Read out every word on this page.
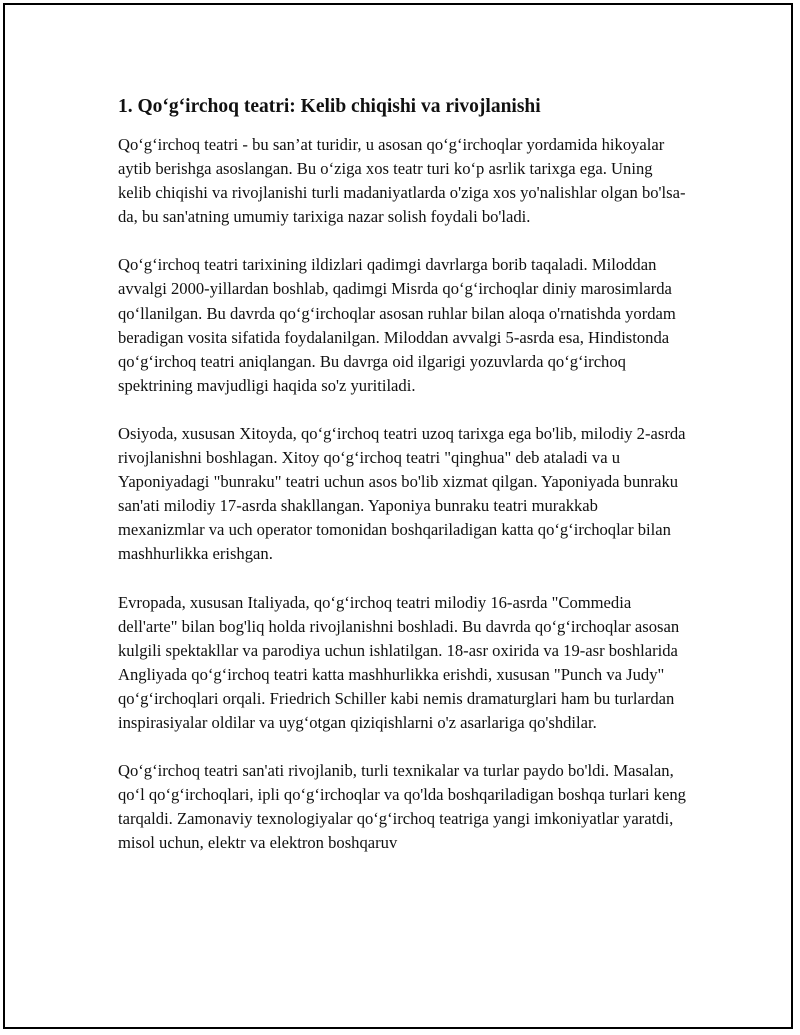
1. Qo‘g‘irchoq teatri: Kelib chiqishi va rivojlanishi

Qo‘g‘irchoq teatri - bu san’at turidir, u asosan qo‘g‘irchoqlar yordamida hikoyalar aytib berishga asoslangan. Bu o‘ziga xos teatr turi ko‘p asrlik tarixga ega. Uning kelib chiqishi va rivojlanishi turli madaniyatlarda o'ziga xos yo'nalishlar olgan bo'lsa-da, bu san'atning umumiy tarixiga nazar solish foydali bo'ladi.

Qo‘g‘irchoq teatri tarixining ildizlari qadimgi davrlarga borib taqaladi. Miloddan avvalgi 2000-yillardan boshlab, qadimgi Misrda qo‘g‘irchoqlar diniy marosimlarda qo‘llanilgan. Bu davrda qo‘g‘irchoqlar asosan ruhlar bilan aloqa o'rnatishda yordam beradigan vosita sifatida foydalanilgan. Miloddan avvalgi 5-asrda esa, Hindistonda qo‘g‘irchoq teatri aniqlangan. Bu davrga oid ilgarigi yozuvlarda qo‘g‘irchoq spektrining mavjudligi haqida so'z yuritiladi.

Osiyoda, xususan Xitoyda, qo‘g‘irchoq teatri uzoq tarixga ega bo'lib, milodiy 2-asrda rivojlanishni boshlagan. Xitoy qo‘g‘irchoq teatri "qinghua" deb ataladi va u Yaponiyadagi "bunraku" teatri uchun asos bo'lib xizmat qilgan. Yaponiyada bunraku san'ati milodiy 17-asrda shakllangan. Yaponiya bunraku teatri murakkab mexanizmlar va uch operator tomonidan boshqariladigan katta qo‘g‘irchoqlar bilan mashhurlikka erishgan.

Evropada, xususan Italiyada, qo‘g‘irchoq teatri milodiy 16-asrda "Commedia dell'arte" bilan bog'liq holda rivojlanishni boshladi. Bu davrda qo‘g‘irchoqlar asosan kulgili spektakllar va parodiya uchun ishlatilgan. 18-asr oxirida va 19-asr boshlarida Angliyada qo‘g‘irchoq teatri katta mashhurlikka erishdi, xususan "Punch va Judy" qo‘g‘irchoqlari orqali. Friedrich Schiller kabi nemis dramaturglari ham bu turlardan inspirasiyalar oldilar va uyg‘otgan qiziqishlarni o'z asarlariga qo'shdilar.

Qo‘g‘irchoq teatri san'ati rivojlanib, turli texnikalar va turlar paydo bo'ldi. Masalan, qo‘l qo‘g‘irchoqlari, ipli qo‘g‘irchoqlar va qo'lda boshqariladigan boshqa turlari keng tarqaldi. Zamonaviy texnologiyalar qo‘g‘irchoq teatriga yangi imkoniyatlar yaratdi, misol uchun, elektr va elektron boshqaruv
